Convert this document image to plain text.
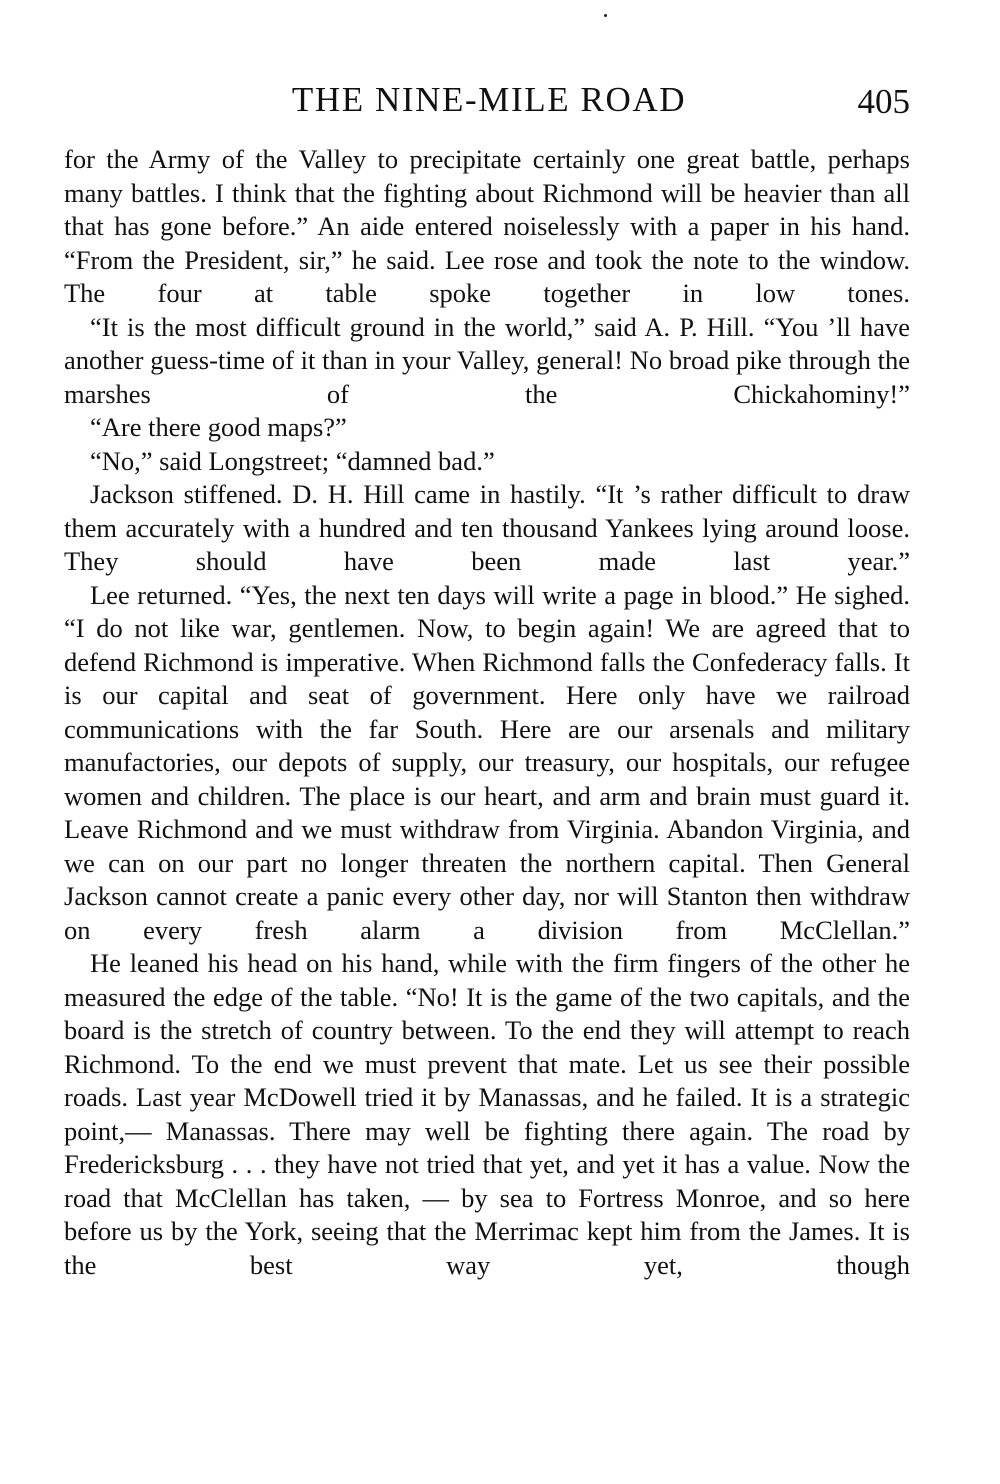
THE NINE-MILE ROAD	405

for the Army of the Valley to precipitate certainly one great battle, perhaps many battles. I think that the fighting about Richmond will be heavier than all that has gone before.” An aide entered noiselessly with a paper in his hand. “From the President, sir,” he said. Lee rose and took the note to the window. The four at table spoke together in low tones.

“It is the most difficult ground in the world,” said A. P. Hill. “You ’ll have another guess-time of it than in your Valley, general! No broad pike through the marshes of the Chickahominy!”

“Are there good maps?”

“No,” said Longstreet; “damned bad.”

Jackson stiffened. D. H. Hill came in hastily. “It ’s rather difficult to draw them accurately with a hundred and ten thousand Yankees lying around loose. They should have been made last year.”

Lee returned. “Yes, the next ten days will write a page in blood.” He sighed. “I do not like war, gentlemen. Now, to begin again! We are agreed that to defend Richmond is imperative. When Richmond falls the Confederacy falls. It is our capital and seat of government. Here only have we railroad communications with the far South. Here are our arsenals and military manufactories, our depots of supply, our treasury, our hospitals, our refugee women and children. The place is our heart, and arm and brain must guard it. Leave Richmond and we must withdraw from Virginia. Abandon Virginia, and we can on our part no longer threaten the northern capital. Then General Jackson cannot create a panic every other day, nor will Stanton then withdraw on every fresh alarm a division from McClellan.”

He leaned his head on his hand, while with the firm fingers of the other he measured the edge of the table. “No! It is the game of the two capitals, and the board is the stretch of country between. To the end they will attempt to reach Richmond. To the end we must prevent that mate. Let us see their possible roads. Last year McDowell tried it by Manassas, and he failed. It is a strategic point,— Manassas. There may well be fighting there again. The road by Fredericksburg . . . they have not tried that yet, and yet it has a value. Now the road that McClellan has taken, — by sea to Fortress Monroe, and so here before us by the York, seeing that the Merrimac kept him from the James. It is the best way yet, though
